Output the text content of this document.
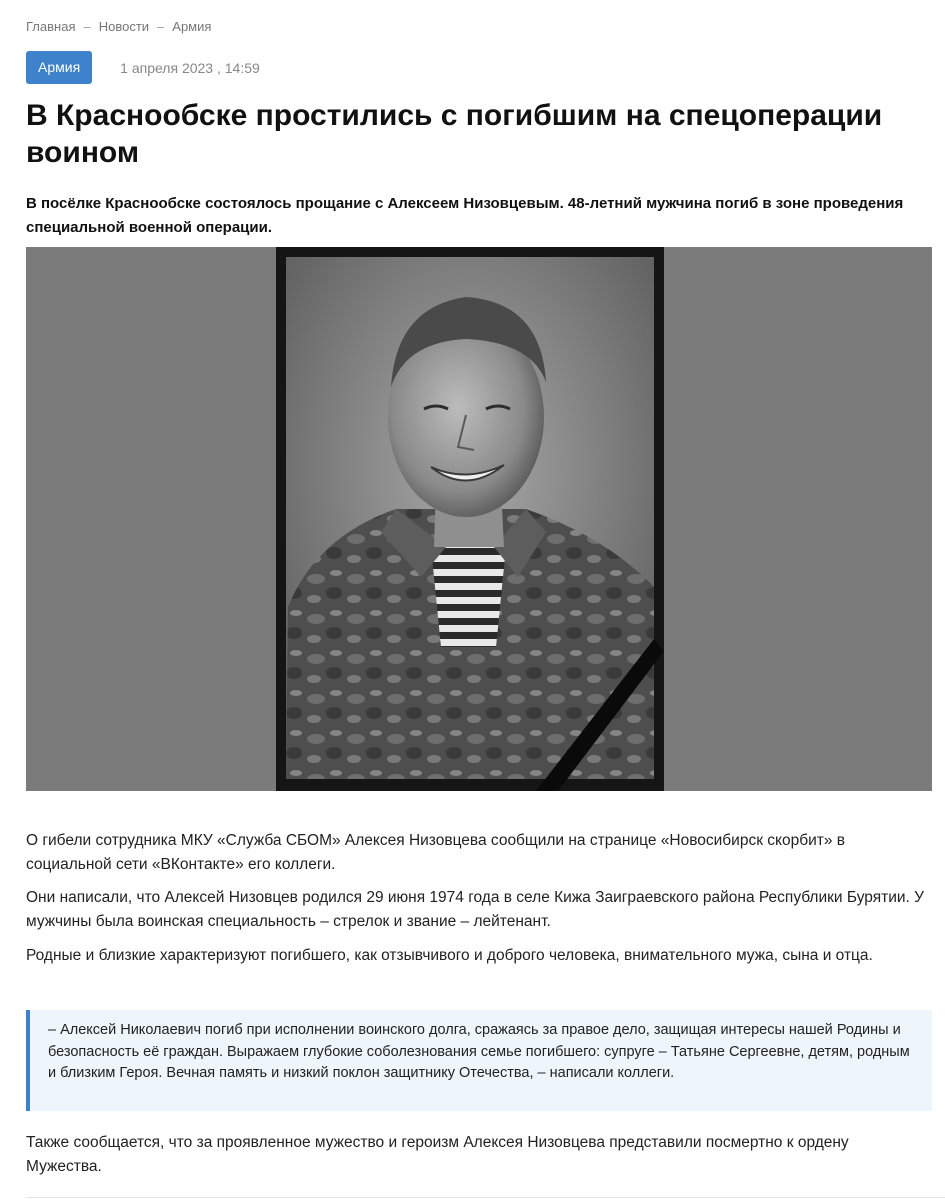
Главная – Новости – Армия
Армия	1 апреля 2023 , 14:59
В Краснообске простились с погибшим на спецоперации воином

В посёлке Краснообске состоялось прощание с Алексеем Низовцевым. 48-летний мужчина погиб в зоне проведения специальной военной операции.

О гибели сотрудника МКУ «Служба СБОМ» Алексея Низовцева сообщили на странице «Новосибирск скорбит» в социальной сети «ВКонтакте» его коллеги.

Они написали, что Алексей Низовцев родился 29 июня 1974 года в селе Кижа Заиграевского района Республики Бурятии. У мужчины была воинская специальность – стрелок и звание – лейтенант.

Родные и близкие характеризуют погибшего, как отзывчивого и доброго человека, внимательного мужа, сына и отца.

– Алексей Николаевич погиб при исполнении воинского долга, сражаясь за правое дело, защищая интересы нашей Родины и безопасность её граждан. Выражаем глубокие соболезнования семье погибшего: супруге – Татьяне Сергеевне, детям, родным и близким Героя. Вечная память и низкий поклон защитнику Отечества, – написали коллеги.

Также сообщается, что за проявленное мужество и героизм Алексея Низовцева представили посмертно к ордену Мужества.
